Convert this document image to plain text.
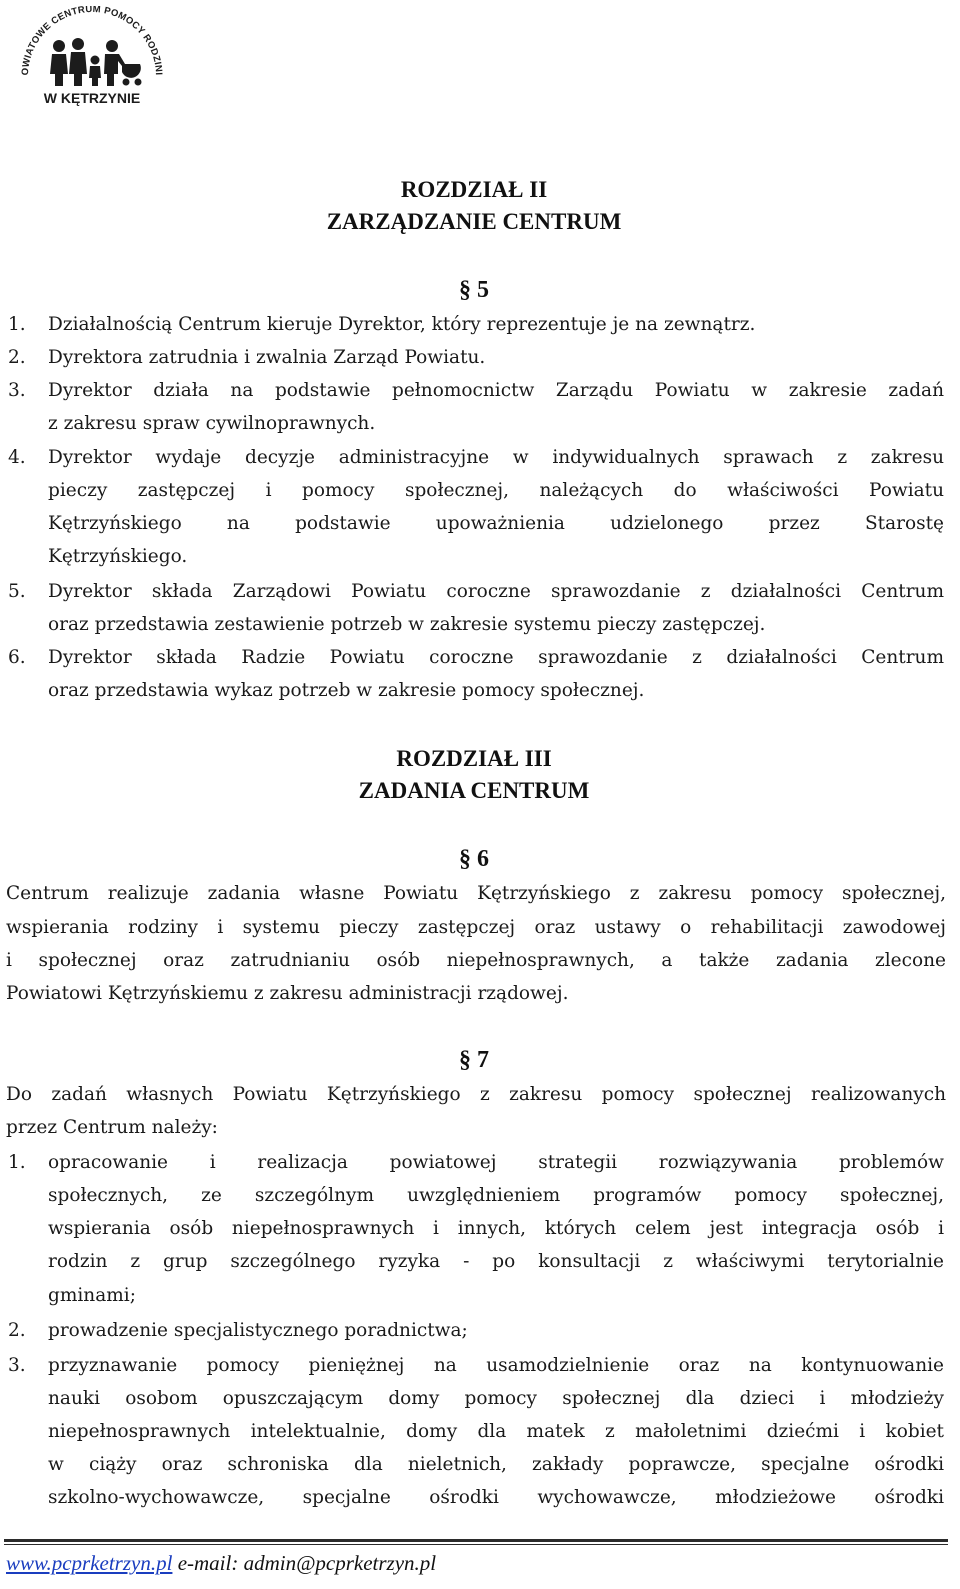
OWIATOWE CENTRUM POMOCY RODZINI
W KĘTRZYNIE
ROZDZIAŁ II
ZARZĄDZANIE CENTRUM
§ 5
1. Działalnością Centrum kieruje Dyrektor, który reprezentuje je na zewnątrz.
2. Dyrektora zatrudnia i zwalnia Zarząd Powiatu.
3. Dyrektor działa na podstawie pełnomocnictw Zarządu Powiatu w zakresie zadań
z zakresu spraw cywilnoprawnych.
4. Dyrektor wydaje decyzje administracyjne w indywidualnych sprawach z zakresu
pieczy zastępczej i pomocy społecznej, należących do właściwości Powiatu
Kętrzyńskiego na podstawie upoważnienia udzielonego przez Starostę
Kętrzyńskiego.
5. Dyrektor składa Zarządowi Powiatu coroczne sprawozdanie z działalności Centrum
oraz przedstawia zestawienie potrzeb w zakresie systemu pieczy zastępczej.
6. Dyrektor składa Radzie Powiatu coroczne sprawozdanie z działalności Centrum
oraz przedstawia wykaz potrzeb w zakresie pomocy społecznej.
ROZDZIAŁ III
ZADANIA CENTRUM
§ 6
Centrum realizuje zadania własne Powiatu Kętrzyńskiego z zakresu pomocy społecznej,
wspierania rodziny i systemu pieczy zastępczej oraz ustawy o rehabilitacji zawodowej
i społecznej oraz zatrudnianiu osób niepełnosprawnych, a także zadania zlecone
Powiatowi Kętrzyńskiemu z zakresu administracji rządowej.
§ 7
Do zadań własnych Powiatu Kętrzyńskiego z zakresu pomocy społecznej realizowanych
przez Centrum należy:
1. opracowanie i realizacja powiatowej strategii rozwiązywania problemów
społecznych, ze szczególnym uwzględnieniem programów pomocy społecznej,
wspierania osób niepełnosprawnych i innych, których celem jest integracja osób i
rodzin z grup szczególnego ryzyka - po konsultacji z właściwymi terytorialnie
gminami;
2. prowadzenie specjalistycznego poradnictwa;
3. przyznawanie pomocy pieniężnej na usamodzielnienie oraz na kontynuowanie
nauki osobom opuszczającym domy pomocy społecznej dla dzieci i młodzieży
niepełnosprawnych intelektualnie, domy dla matek z małoletnimi dziećmi i kobiet
w ciąży oraz schroniska dla nieletnich, zakłady poprawcze, specjalne ośrodki
szkolno-wychowawcze, specjalne ośrodki wychowawcze, młodzieżowe ośrodki
www.pcprketrzyn.pl e-mail: admin@pcprketrzyn.pl
